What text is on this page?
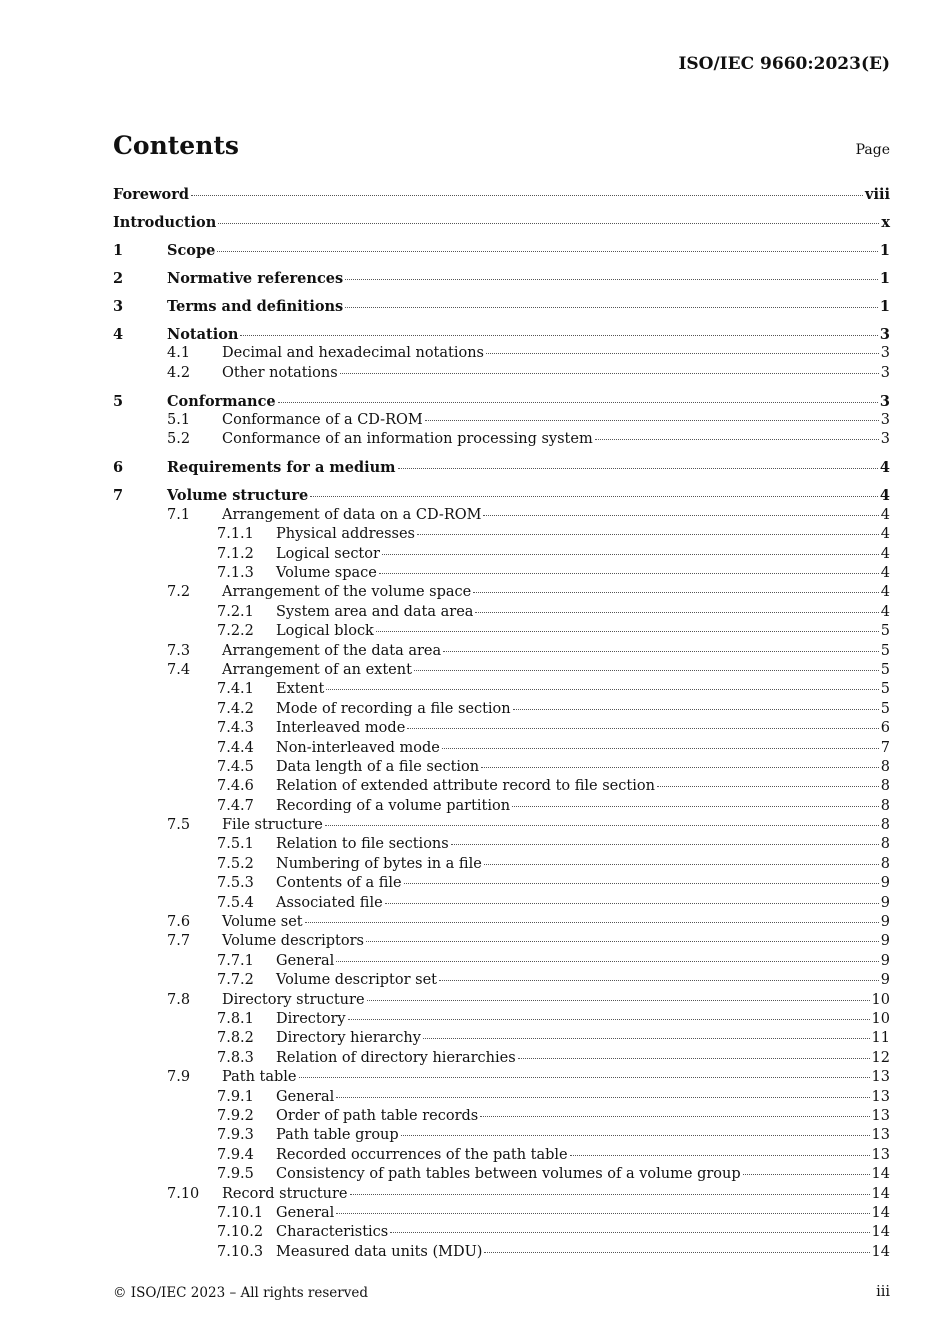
ISO/IEC 9660:2023(E)
Contents	Page
Foreword	viii
Introduction	x
1	Scope	1
2	Normative references	1
3	Terms and definitions	1
4	Notation	3
4.1	Decimal and hexadecimal notations	3
4.2	Other notations	3
5	Conformance	3
5.1	Conformance of a CD-ROM	3
5.2	Conformance of an information processing system	3
6	Requirements for a medium	4
7	Volume structure	4
7.1	Arrangement of data on a CD-ROM	4
7.1.1	Physical addresses	4
7.1.2	Logical sector	4
7.1.3	Volume space	4
7.2	Arrangement of the volume space	4
7.2.1	System area and data area	4
7.2.2	Logical block	5
7.3	Arrangement of the data area	5
7.4	Arrangement of an extent	5
7.4.1	Extent	5
7.4.2	Mode of recording a file section	5
7.4.3	Interleaved mode	6
7.4.4	Non-interleaved mode	7
7.4.5	Data length of a file section	8
7.4.6	Relation of extended attribute record to file section	8
7.4.7	Recording of a volume partition	8
7.5	File structure	8
7.5.1	Relation to file sections	8
7.5.2	Numbering of bytes in a file	8
7.5.3	Contents of a file	9
7.5.4	Associated file	9
7.6	Volume set	9
7.7	Volume descriptors	9
7.7.1	General	9
7.7.2	Volume descriptor set	9
7.8	Directory structure	10
7.8.1	Directory	10
7.8.2	Directory hierarchy	11
7.8.3	Relation of directory hierarchies	12
7.9	Path table	13
7.9.1	General	13
7.9.2	Order of path table records	13
7.9.3	Path table group	13
7.9.4	Recorded occurrences of the path table	13
7.9.5	Consistency of path tables between volumes of a volume group	14
7.10	Record structure	14
7.10.1 General	14
7.10.2 Characteristics	14
7.10.3 Measured data units (MDU)	14
© ISO/IEC 2023 – All rights reserved	iii
